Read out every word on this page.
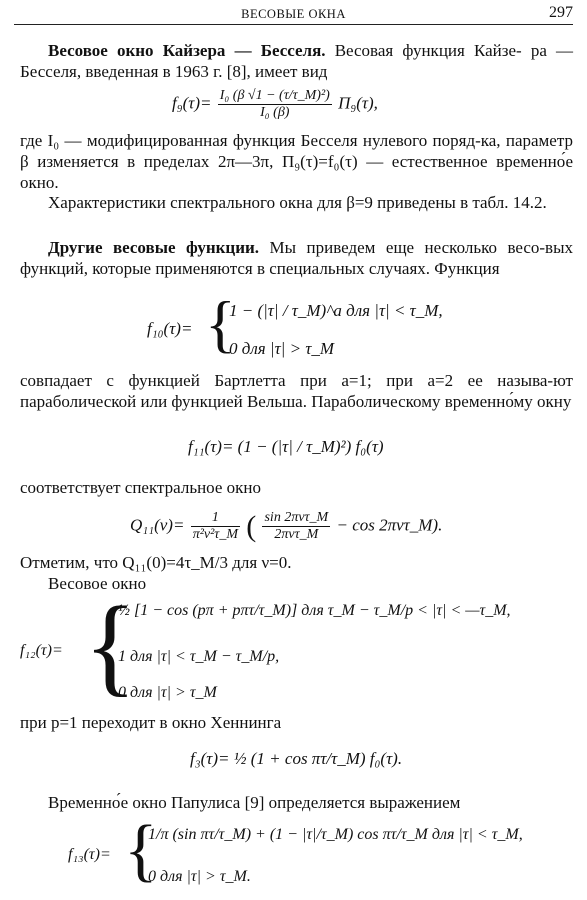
ВЕСОВЫЕ ОКНА	297
Весовое окно Кайзера — Бесселя. Весовая функция Кайзе- ра — Бесселя, введенная в 1963 г. [8], имеет вид
$f_9(\tau)= \frac{\text{I₀ (β √1 − (τ/τ\_M)²)}}{\text{I₀ (β)}} \Pi_9(\tau)$,
где I₀ — модифицированная функция Бесселя нулевого поряд-ка, параметр β изменяется в пределах 2π—3π, Π₉(τ)=f₀(τ) — естественное временно́е окно.
Характеристики спектрального окна для β=9 приведены в табл. 14.2.
Другие весовые функции. Мы приведем еще несколько весо-вых функций, которые применяются в специальных случаях. Функция
f₁₀(τ)= {
1 − (|τ| / τ_M)^a для |τ| < τ_M,
0 для |τ| > τ_M
совпадает с функцией Бартлетта при a=1; при a=2 ее называ-ют параболической или функцией Вельша. Параболическому временно́му окну
f₁₁(τ)= (1 − (|τ| / τ_M)²) f₀(τ)
соответствует спектральное окно
$Q_{11}(\nu)= \frac{1}{\text{π²ν²τ\_M}}$ ( $\frac{\text{sin 2πντ\_M}}{\text{2πντ\_M}} - \cos$ 2πντ_M).
Отметим, что Q₁₁(0)=4τ_M/3 для ν=0.
Весовое окно
f₁₂(τ)= {
½ [1 − cos (pπ + pπτ/τ_M)] для τ_M − τ_M/p < |τ| < —τ_M,
1 для |τ| < τ_M − τ_M/p,
0 для |τ| > τ_M
при p=1 переходит в окно Хеннинга
f₃(τ)= ½ (1 + cos πτ/τ_M) f₀(τ).
Временно́е окно Папулиса [9] определяется выражением
f₁₃(τ)= {
1/π (sin πτ/τ_M) + (1 − |τ|/τ_M) cos πτ/τ_M для |τ| < τ_M,
0 для |τ| > τ_M.
